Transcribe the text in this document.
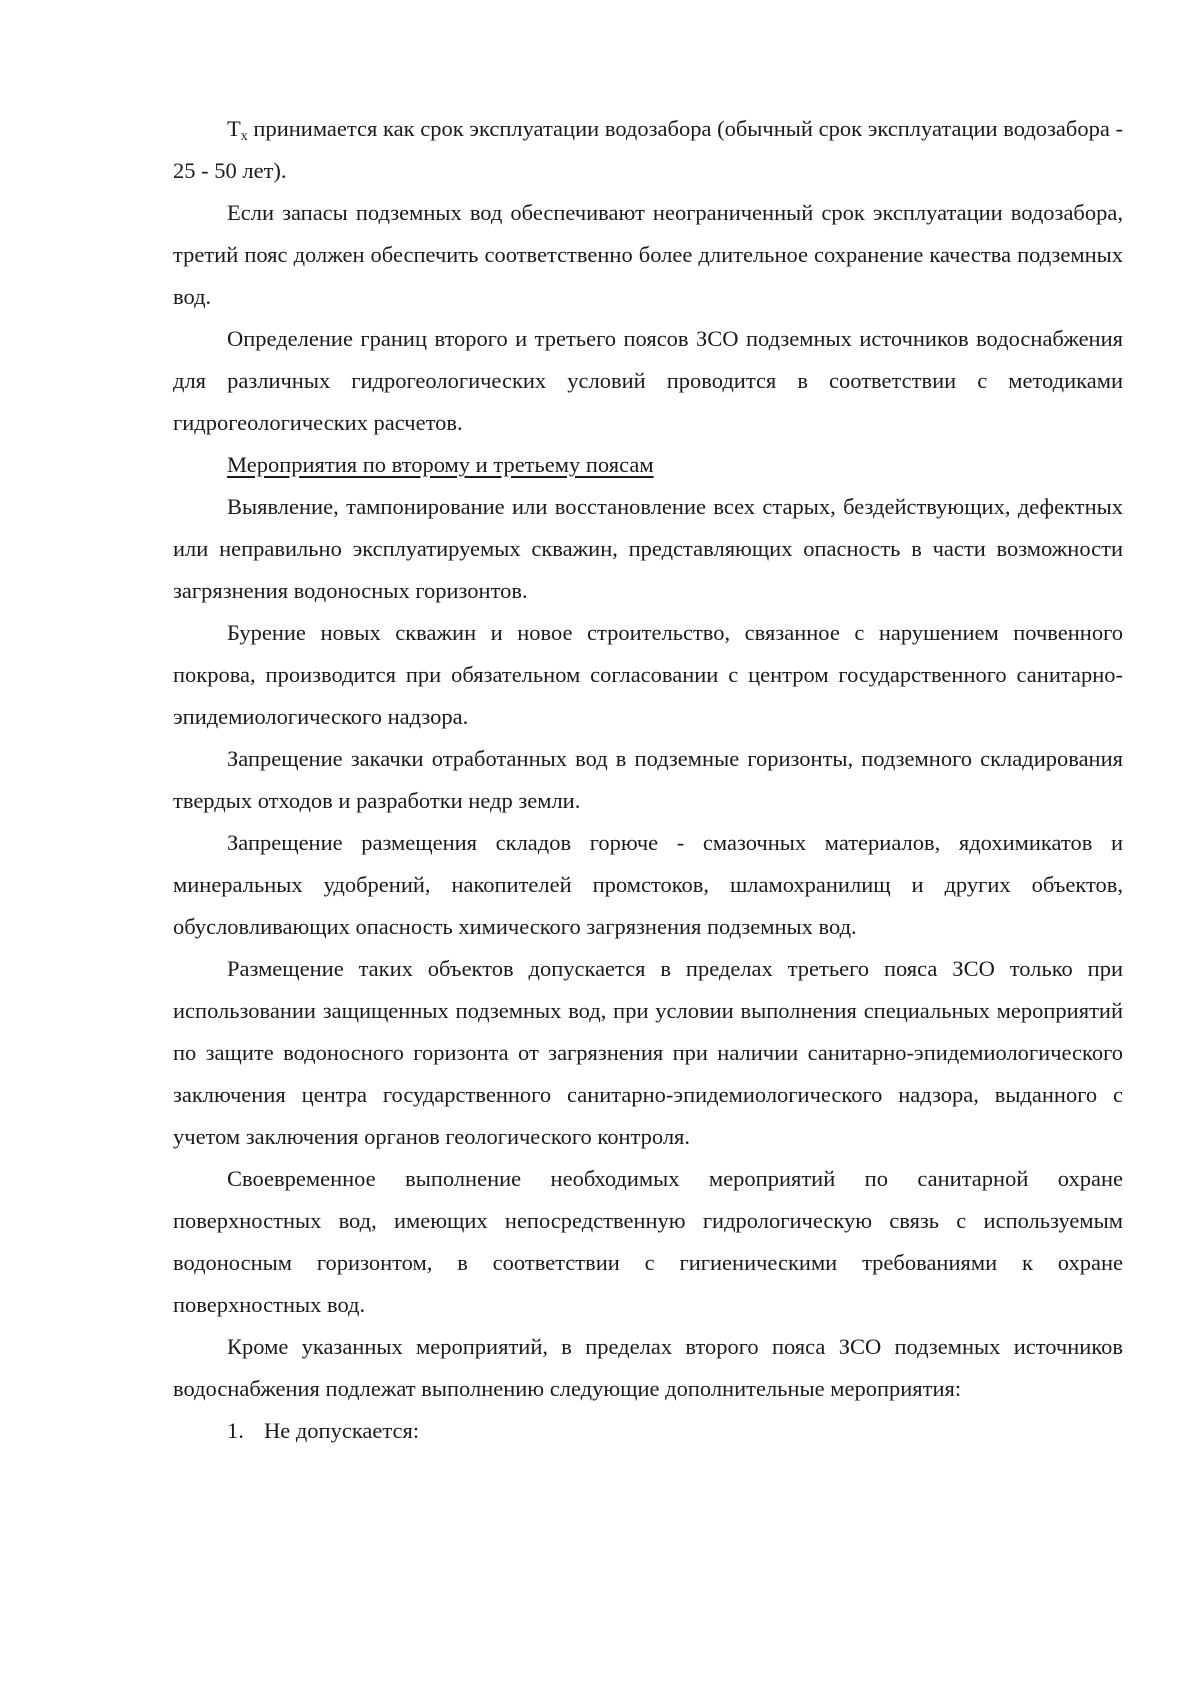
$T_x$ принимается как срок эксплуатации водозабора (обычный срок эксплуатации водозабора - 25 - 50 лет).

Если запасы подземных вод обеспечивают неограниченный срок эксплуатации водозабора, третий пояс должен обеспечить соответственно более длительное сохранение качества подземных вод.

Определение границ второго и третьего поясов ЗСО подземных источников водоснабжения для различных гидрогеологических условий проводится в соответствии с методиками гидрогеологических расчетов.

Мероприятия по второму и третьему поясам

Выявление, тампонирование или восстановление всех старых, бездействующих, дефектных или неправильно эксплуатируемых скважин, представляющих опасность в части возможности загрязнения водоносных горизонтов.

Бурение новых скважин и новое строительство, связанное с нарушением почвенного покрова, производится при обязательном согласовании с центром государственного санитарно-эпидемиологического надзора.

Запрещение закачки отработанных вод в подземные горизонты, подземного складирования твердых отходов и разработки недр земли.

Запрещение размещения складов горюче - смазочных материалов, ядохимикатов и минеральных удобрений, накопителей промстоков, шламохранилищ и других объектов, обусловливающих опасность химического загрязнения подземных вод.

Размещение таких объектов допускается в пределах третьего пояса ЗСО только при использовании защищенных подземных вод, при условии выполнения специальных мероприятий по защите водоносного горизонта от загрязнения при наличии санитарно-эпидемиологического заключения центра государственного санитарно-эпидемиологического надзора, выданного с учетом заключения органов геологического контроля.

Своевременное выполнение необходимых мероприятий по санитарной охране поверхностных вод, имеющих непосредственную гидрологическую связь с используемым водоносным горизонтом, в соответствии с гигиеническими требованиями к охране поверхностных вод.

Кроме указанных мероприятий, в пределах второго пояса ЗСО подземных источников водоснабжения подлежат выполнению следующие дополнительные мероприятия:

1. Не допускается:
